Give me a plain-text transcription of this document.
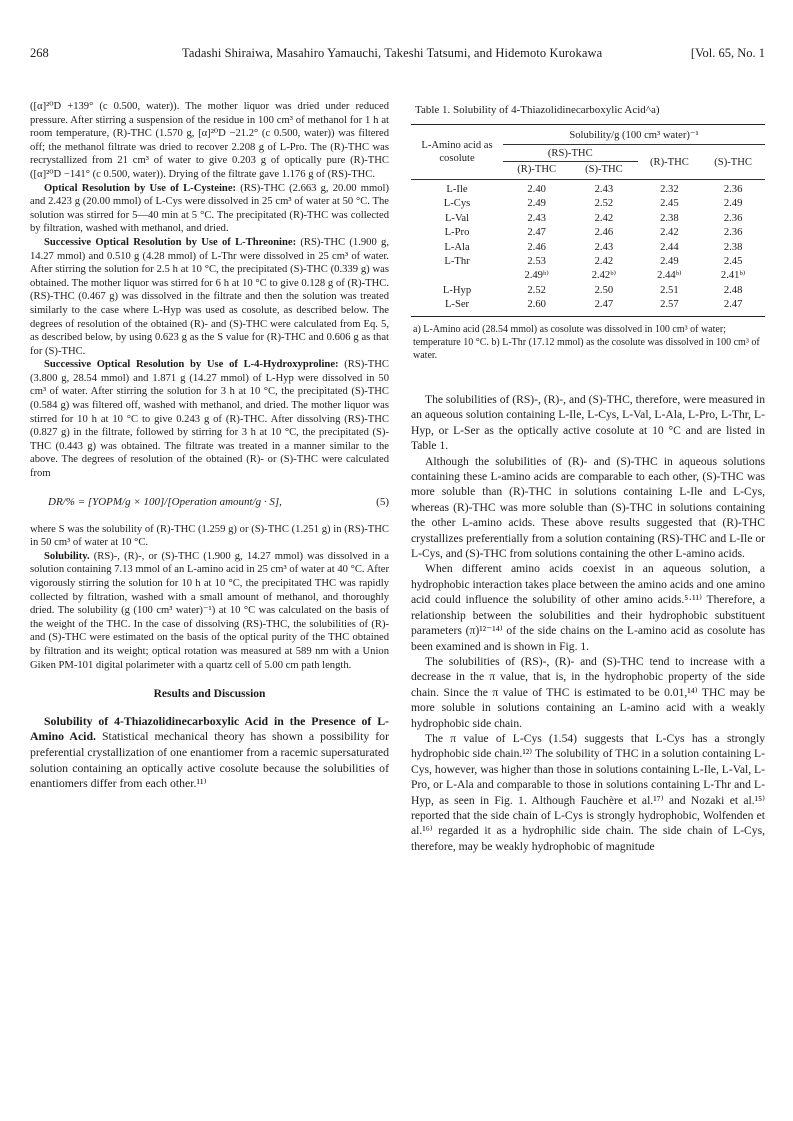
268	Tadashi Shiraiwa, Masahiro Yamauchi, Takeshi Tatsumi, and Hidemoto Kurokawa	[Vol. 65, No. 1

([α]²⁰D +139° (c 0.500, water)). The mother liquor was dried under reduced pressure. After stirring a suspension of the residue in 100 cm³ of methanol for 1 h at room temperature, (R)-THC (1.570 g, [α]²⁰D −21.2° (c 0.500, water)) was filtered off; the methanol filtrate was dried to recover 2.208 g of L-Pro. The (R)-THC was recrystallized from 21 cm³ of water to give 0.203 g of optically pure (R)-THC ([α]²⁰D −141° (c 0.500, water)). Drying of the filtrate gave 1.176 g of (RS)-THC.

Optical Resolution by Use of L-Cysteine: (RS)-THC (2.663 g, 20.00 mmol) and 2.423 g (20.00 mmol) of L-Cys were dissolved in 25 cm³ of water at 50 °C. The solution was stirred for 5—40 min at 5 °C. The precipitated (R)-THC was collected by filtration, washed with methanol, and dried.

Successive Optical Resolution by Use of L-Threonine: (RS)-THC (1.900 g, 14.27 mmol) and 0.510 g (4.28 mmol) of L-Thr were dissolved in 25 cm³ of water. After stirring the solution for 2.5 h at 10 °C, the precipitated (S)-THC (0.339 g) was obtained. The mother liquor was stirred for 6 h at 10 °C to give 0.128 g of (R)-THC. (RS)-THC (0.467 g) was dissolved in the filtrate and then the solution was treated similarly to the case where L-Hyp was used as cosolute, as described below. The degrees of resolution of the obtained (R)- and (S)-THC were calculated from Eq. 5, as described below, by using 0.623 g as the S value for (R)-THC and 0.606 g as that for (S)-THC.

Successive Optical Resolution by Use of L-4-Hydroxyproline: (RS)-THC (3.800 g, 28.54 mmol) and 1.871 g (14.27 mmol) of L-Hyp were dissolved in 50 cm³ of water. After stirring the solution for 3 h at 10 °C, the precipitated (S)-THC (0.584 g) was filtered off, washed with methanol, and dried. The mother liquor was stirred for 10 h at 10 °C to give 0.243 g of (R)-THC. After dissolving (RS)-THC (0.827 g) in the filtrate, followed by stirring for 3 h at 10 °C, the precipitated (S)-THC (0.443 g) was obtained. The filtrate was treated in a manner similar to the above. The degrees of resolution of the obtained (R)- or (S)-THC were calculated from

DR/% = [YOPM/g × 100]/[Operation amount/g · S],	(5)

where S was the solubility of (R)-THC (1.259 g) or (S)-THC (1.251 g) in (RS)-THC in 50 cm³ of water at 10 °C.

Solubility. (RS)-, (R)-, or (S)-THC (1.900 g, 14.27 mmol) was dissolved in a solution containing 7.13 mmol of an L-amino acid in 25 cm³ of water at 40 °C. After vigorously stirring the solution for 10 h at 10 °C, the precipitated THC was rapidly collected by filtration, washed with a small amount of methanol, and thoroughly dried. The solubility (g (100 cm³ water)⁻¹) at 10 °C was calculated on the basis of the weight of the THC. In the case of dissolving (RS)-THC, the solubilities of (R)- and (S)-THC were estimated on the basis of the optical purity of the THC obtained by filtration and its weight; optical rotation was measured at 589 nm with a Union Giken PM-101 digital polarimeter with a quartz cell of 5.00 cm path length.

Results and Discussion

Solubility of 4-Thiazolidinecarboxylic Acid in the Presence of L-Amino Acid. Statistical mechanical theory has shown a possibility for preferential crystallization of one enantiomer from a racemic supersaturated solution containing an optically active cosolute because the solubilities of enantiomers differ from each other.¹¹⁾

Table 1. Solubility of 4-Thiazolidinecarboxylic Acid^a)
L-Amino acid as
cosolute	Solubility/g (100 cm³ water)⁻¹			
	(RS)-THC		(R)-THC	(S)-THC
	(R)-THC	(S)-THC		
L-Ile	2.40	2.43	2.32	2.36
L-Cys	2.49	2.52	2.45	2.49
L-Val	2.43	2.42	2.38	2.36
L-Pro	2.47	2.46	2.42	2.36
L-Ala	2.46	2.43	2.44	2.38
L-Thr	2.53	2.42	2.49	2.45
	2.49ᵇ⁾	2.42ᵇ⁾	2.44ᵇ⁾	2.41ᵇ⁾
L-Hyp	2.52	2.50	2.51	2.48
L-Ser	2.60	2.47	2.57	2.47
a) L-Amino acid (28.54 mmol) as cosolute was dissolved in 100 cm³ of water; temperature 10 °C. b) L-Thr (17.12 mmol) as the cosolute was dissolved in 100 cm³ of water.

The solubilities of (RS)-, (R)-, and (S)-THC, therefore, were measured in an aqueous solution containing L-Ile, L-Cys, L-Val, L-Ala, L-Pro, L-Thr, L-Hyp, or L-Ser as the optically active cosolute at 10 °C and are listed in Table 1.

Although the solubilities of (R)- and (S)-THC in aqueous solutions containing these L-amino acids are comparable to each other, (S)-THC was more soluble than (R)-THC in solutions containing L-Ile and L-Cys, whereas (R)-THC was more soluble than (S)-THC in solutions containing the other L-amino acids. These above results suggested that (R)-THC crystallizes preferentially from a solution containing (RS)-THC and L-Ile or L-Cys, and (S)-THC from solutions containing the other L-amino acids.

When different amino acids coexist in an aqueous solution, a hydrophobic interaction takes place between the amino acids and one amino acid could influence the solubility of other amino acids.⁵·¹¹⁾ Therefore, a relationship between the solubilities and their hydrophobic substituent parameters (π)¹²⁻¹⁴⁾ of the side chains on the L-amino acid as cosolute has been examined and is shown in Fig. 1.

The solubilities of (RS)-, (R)- and (S)-THC tend to increase with a decrease in the π value, that is, in the hydrophobic property of the side chain. Since the π value of THC is estimated to be 0.01,¹⁴⁾ THC may be more soluble in solutions containing an L-amino acid with a weakly hydrophobic side chain.

The π value of L-Cys (1.54) suggests that L-Cys has a strongly hydrophobic side chain.¹²⁾ The solubility of THC in a solution containing L-Cys, however, was higher than those in solutions containing L-Ile, L-Val, L-Pro, or L-Ala and comparable to those in solutions containing L-Thr and L-Hyp, as seen in Fig. 1. Although Fauchère et al.¹⁷⁾ and Nozaki et al.¹⁵⁾ reported that the side chain of L-Cys is strongly hydrophobic, Wolfenden et al.¹⁶⁾ regarded it as a hydrophilic side chain. The side chain of L-Cys, therefore, may be weakly hydrophobic of magnitude
